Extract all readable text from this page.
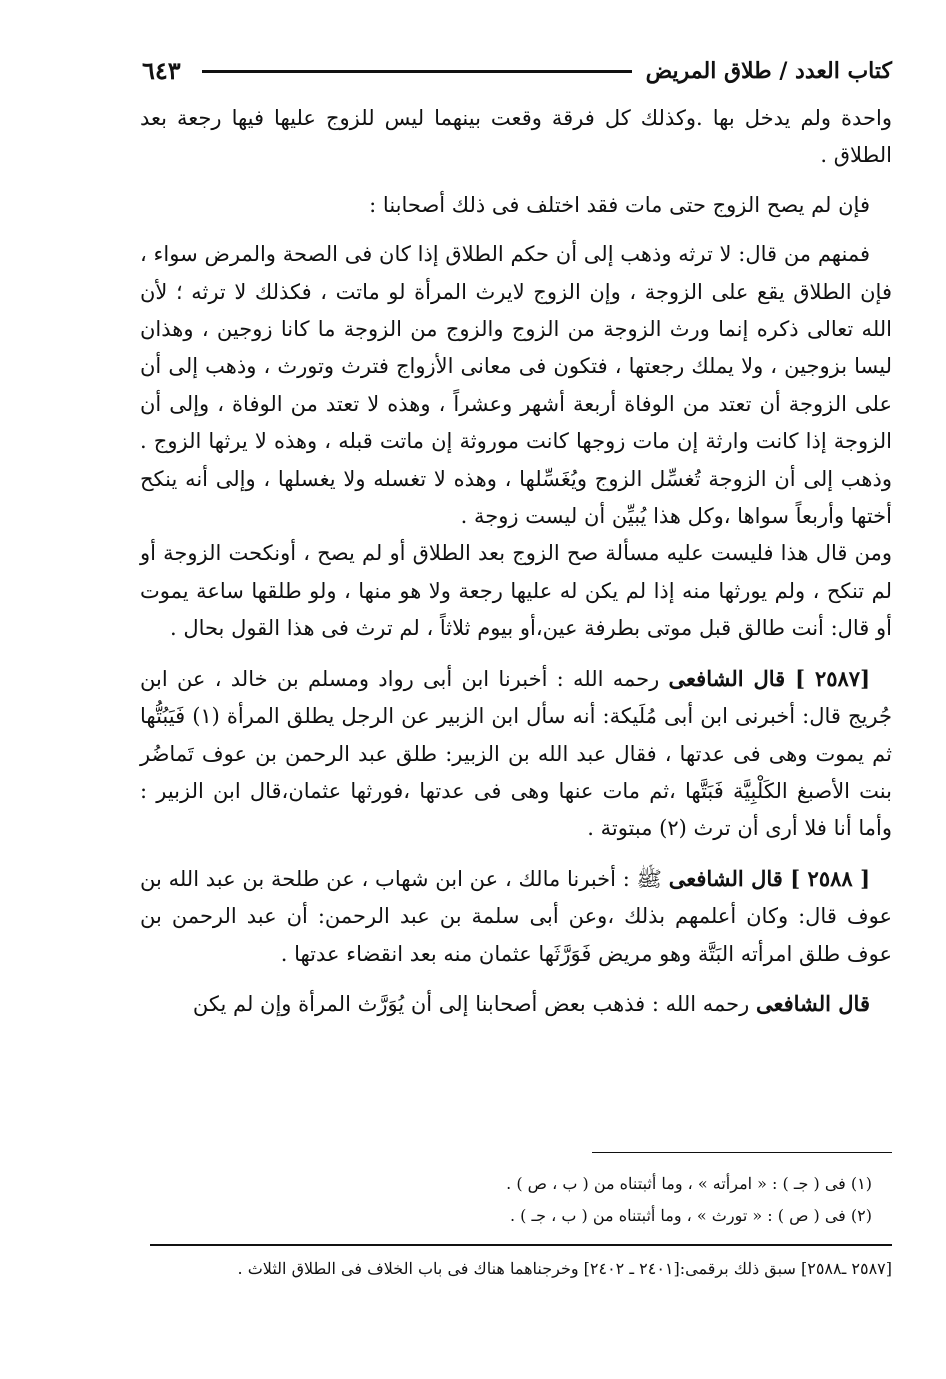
كتاب العدد / طلاق المريض
٦٤٣

واحدة ولم يدخل بها .وكذلك كل فرقة وقعت بينهما ليس للزوج عليها فيها رجعة بعد الطلاق .

فإن لم يصح الزوج حتى مات فقد اختلف فى ذلك أصحابنا :

فمنهم من قال: لا ترثه وذهب إلى أن حكم الطلاق إذا كان فى الصحة والمرض سواء ، فإن الطلاق يقع على الزوجة ، وإن الزوج لايرث المرأة لو ماتت ، فكذلك لا ترثه ؛ لأن الله تعالى ذكره إنما ورث الزوجة من الزوج والزوج من الزوجة ما كانا زوجين ، وهذان ليسا بزوجين ، ولا يملك رجعتها ، فتكون فى معانى الأزواج فترث وتورث ، وذهب إلى أن على الزوجة أن تعتد من الوفاة أربعة أشهر وعشراً ، وهذه لا تعتد من الوفاة ، وإلى أن الزوجة إذا كانت وارثة إن مات زوجها كانت موروثة إن ماتت قبله ، وهذه لا يرثها الزوج . وذهب إلى أن الزوجة تُغسِّل الزوج ويُغَسِّلها ، وهذه لا تغسله ولا يغسلها ، وإلى أنه ينكح أختها وأربعاً سواها ،وكل هذا يُبيِّن أن ليست زوجة .

ومن قال هذا فليست عليه مسألة صح الزوج بعد الطلاق أو لم يصح ، أونكحت الزوجة أو لم تنكح ، ولم يورثها منه إذا لم يكن له عليها رجعة ولا هو منها ، ولو طلقها ساعة يموت أو قال: أنت طالق قبل موتى بطرفة عين،أو بيوم ثلاثاً ، لم ترث فى هذا القول بحال .

[٢٥٨٧ ] قال الشافعى رحمه الله : أخبرنا ابن أبى رواد ومسلم بن خالد ، عن ابن جُريج قال: أخبرنى ابن أبى مُلَيكة: أنه سأل ابن الزبير عن الرجل يطلق المرأة (١) فَيَبُتُّها ثم يموت وهى فى عدتها ، فقال عبد الله بن الزبير: طلق عبد الرحمن بن عوف تَماضُر بنت الأصبغ الكَلْبِيَّة فَبَتَّها ،ثم مات عنها وهى فى عدتها ،فورثها عثمان،قال ابن الزبير : وأما أنا فلا أرى أن ترث (٢) مبتوتة .

[ ٢٥٨٨ ] قال الشافعى ﷺ : أخبرنا مالك ، عن ابن شهاب ، عن طلحة بن عبد الله بن عوف قال: وكان أعلمهم بذلك ،وعن أبى سلمة بن عبد الرحمن: أن عبد الرحمن بن عوف طلق امرأته البَتَّة وهو مريض فَوَرَّثَها عثمان منه بعد انقضاء عدتها .

قال الشافعى رحمه الله : فذهب بعض أصحابنا إلى أن يُوَرَّث المرأة وإن لم يكن

(١) فى ( جـ ) : « امرأته » ، وما أثبتناه من ( ب ، ص ) .

(٢) فى ( ص ) : « تورث » ، وما أثبتناه من ( ب ، جـ ) .

[٢٥٨٧ ـ٢٥٨٨] سبق ذلك برقمى:[٢٤٠١ ـ ٢٤٠٢] وخرجناهما هناك فى باب الخلاف فى الطلاق الثلاث .
